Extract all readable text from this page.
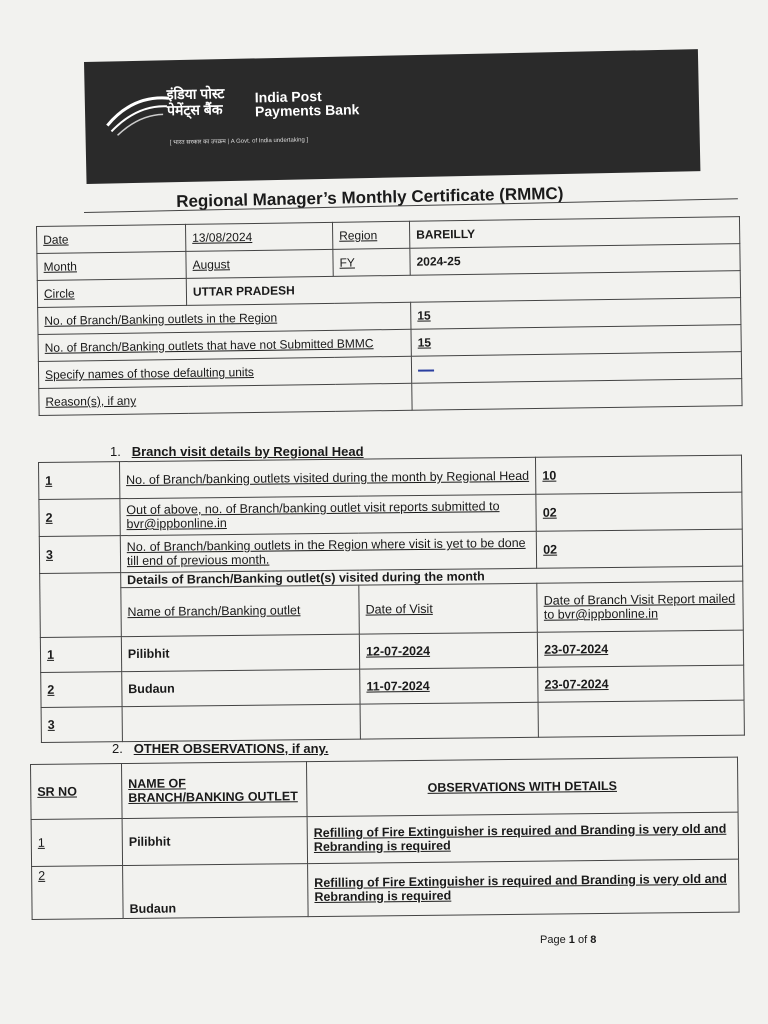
इंडिया पोस्ट
पेमेंट्स बैंक
India Post
Payments Bank
[ भारत सरकार का उपक्रम | A Govt. of India undertaking ]
Regional Manager’s Monthly Certificate (RMMC)
Date	13/08/2024	Region	BAREILLY
Month	August	FY	2024-25
Circle	UTTAR PRADESH		
No. of Branch/Banking outlets in the Region			15
No. of Branch/Banking outlets that have not Submitted BMMC			15
Specify names of those defaulting units			
Reason(s), if any			
1. Branch visit details by Regional Head
1	No. of Branch/banking outlets visited during the month by Regional Head		10
2	Out of above, no. of Branch/banking outlet visit reports submitted to bvr@ippbonline.in		02
3	No. of Branch/banking outlets in the Region where visit is yet to be done till end of previous month.		02
	Details of Branch/Banking outlet(s) visited during the month		
	Name of Branch/Banking outlet	Date of Visit	Date of Branch Visit Report mailed to bvr@ippbonline.in
1	Pilibhit	12-07-2024	23-07-2024
2	Budaun	11-07-2024	23-07-2024
3			
2. OTHER OBSERVATIONS, if any.
SR NO	NAME OF BRANCH/BANKING OUTLET	OBSERVATIONS WITH DETAILS
1	Pilibhit	Refilling of Fire Extinguisher is required and Branding is very old and Rebranding is required
2	Budaun	Refilling of Fire Extinguisher is required and Branding is very old and Rebranding is required
Page 1 of 8
